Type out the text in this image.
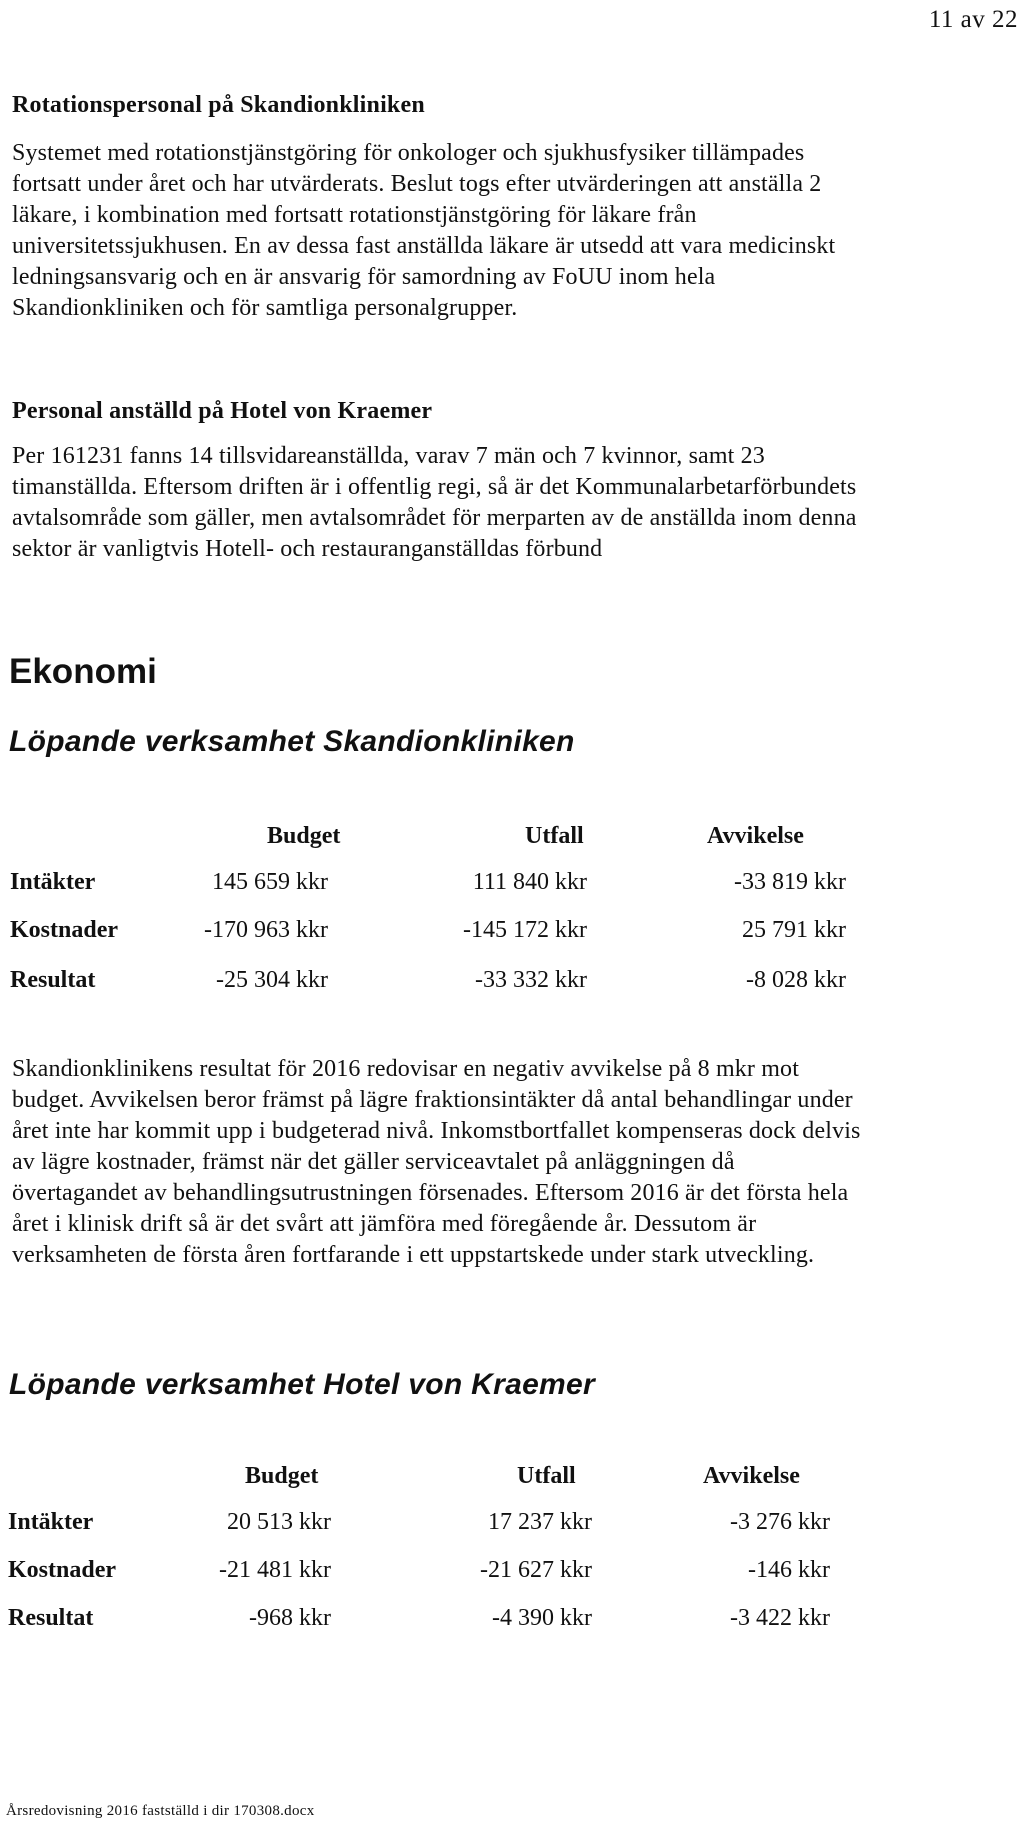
11 av 22
Rotationspersonal på Skandionkliniken
Systemet med rotationstjänstgöring för onkologer och sjukhusfysiker tillämpades
fortsatt under året och har utvärderats. Beslut togs efter utvärderingen att anställa 2
läkare, i kombination med fortsatt rotationstjänstgöring för läkare från
universitetssjukhusen. En av dessa fast anställda läkare är utsedd att vara medicinskt
ledningsansvarig och en är ansvarig för samordning av FoUU inom hela
Skandionkliniken och för samtliga personalgrupper.
Personal anställd på Hotel von Kraemer
Per 161231 fanns 14 tillsvidareanställda, varav 7 män och 7 kvinnor, samt 23
timanställda. Eftersom driften är i offentlig regi, så är det Kommunalarbetarförbundets
avtalsområde som gäller, men avtalsområdet för merparten av de anställda inom denna
sektor är vanligtvis Hotell- och restauranganställdas förbund
Ekonomi
Löpande verksamhet Skandionkliniken
Budget	Utfall	Avvikelse
Intäkter	145 659 kkr	111 840 kkr	-33 819 kkr
Kostnader	-170 963 kkr	-145 172 kkr	25 791 kkr
Resultat	-25 304 kkr	-33 332 kkr	-8 028 kkr
Skandionklinikens resultat för 2016 redovisar en negativ avvikelse på 8 mkr mot
budget. Avvikelsen beror främst på lägre fraktionsintäkter då antal behandlingar under
året inte har kommit upp i budgeterad nivå. Inkomstbortfallet kompenseras dock delvis
av lägre kostnader, främst när det gäller serviceavtalet på anläggningen då
övertagandet av behandlingsutrustningen försenades. Eftersom 2016 är det första hela
året i klinisk drift så är det svårt att jämföra med föregående år. Dessutom är
verksamheten de första åren fortfarande i ett uppstartskede under stark utveckling.
Löpande verksamhet Hotel von Kraemer
Budget	Utfall	Avvikelse
Intäkter	20 513 kkr	17 237 kkr	-3 276 kkr
Kostnader	-21 481 kkr	-21 627 kkr	-146 kkr
Resultat	-968 kkr	-4 390 kkr	-3 422 kkr
Årsredovisning 2016 fastställd i dir 170308.docx
